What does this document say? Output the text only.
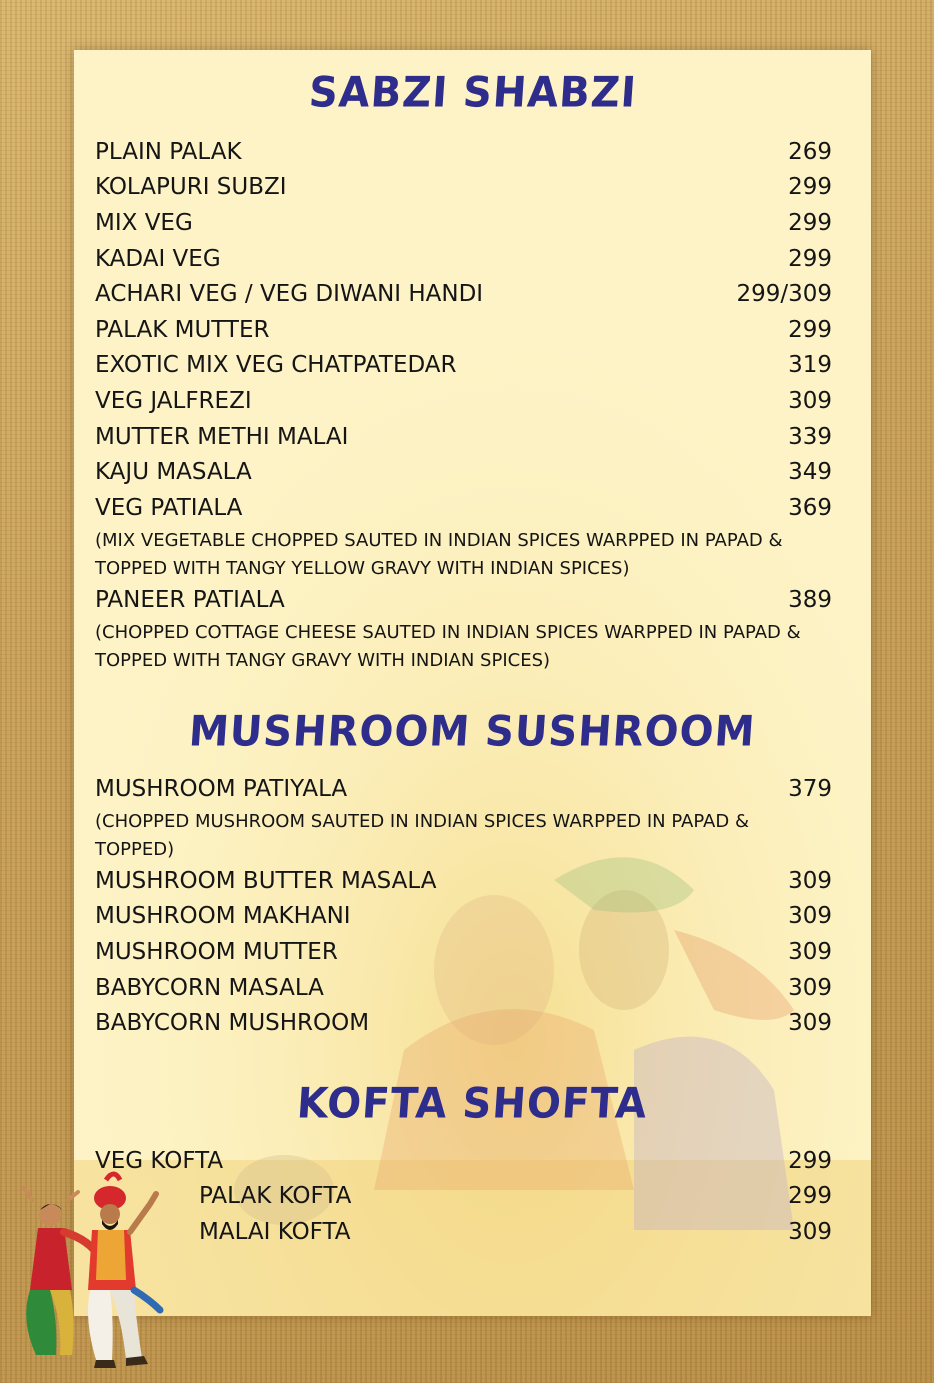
SABZI SHABZI
PLAIN PALAK	269
KOLAPURI SUBZI	299
MIX VEG	299
KADAI VEG	299
ACHARI VEG / VEG DIWANI HANDI	299/309
PALAK MUTTER	299
EXOTIC MIX VEG CHATPATEDAR	319
VEG JALFREZI	309
MUTTER METHI MALAI	339
KAJU MASALA	349
VEG PATIALA	369
(MIX VEGETABLE CHOPPED SAUTED IN INDIAN SPICES WARPPED IN PAPAD &
TOPPED WITH TANGY YELLOW GRAVY WITH INDIAN SPICES)
PANEER PATIALA	389
(CHOPPED COTTAGE CHEESE SAUTED IN INDIAN SPICES WARPPED IN PAPAD &
TOPPED WITH TANGY GRAVY WITH INDIAN SPICES)
MUSHROOM SUSHROOM
MUSHROOM PATIYALA	379
(CHOPPED MUSHROOM SAUTED IN INDIAN SPICES WARPPED IN PAPAD &
TOPPED)
MUSHROOM BUTTER MASALA	309
MUSHROOM MAKHANI	309
MUSHROOM MUTTER	309
BABYCORN MASALA	309
BABYCORN MUSHROOM	309
KOFTA SHOFTA
VEG KOFTA	299
PALAK KOFTA	299
MALAI KOFTA	309
